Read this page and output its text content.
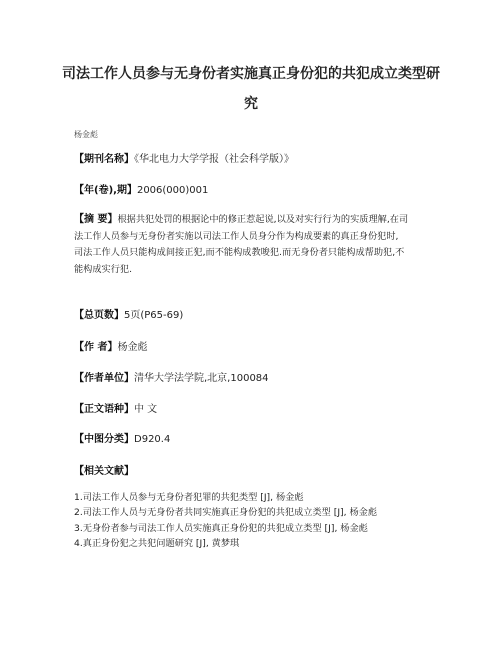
司法工作人员参与无身份者实施真正身份犯的共犯成立类型研
究
杨金彪
【期刊名称】《华北电力大学学报（社会科学版）》
【年(卷),期】2006(000)001
【摘 要】根据共犯处罚的根据论中的修正惹起说,以及对实行行为的实质理解,在司
法工作人员参与无身份者实施以司法工作人员身分作为构成要素的真正身份犯时,
司法工作人员只能构成间接正犯,而不能构成教唆犯.而无身份者只能构成帮助犯,不
能构成实行犯.
【总页数】5页(P65-69)
【作 者】杨金彪
【作者单位】清华大学法学院,北京,100084
【正文语种】中 文
【中图分类】D920.4
【相关文献】
1.司法工作人员参与无身份者犯罪的共犯类型 [J], 杨金彪
2.司法工作人员与无身份者共同实施真正身份犯的共犯成立类型 [J], 杨金彪
3.无身份者参与司法工作人员实施真正身份犯的共犯成立类型 [J], 杨金彪
4.真正身份犯之共犯问题研究 [J], 黄梦琪
